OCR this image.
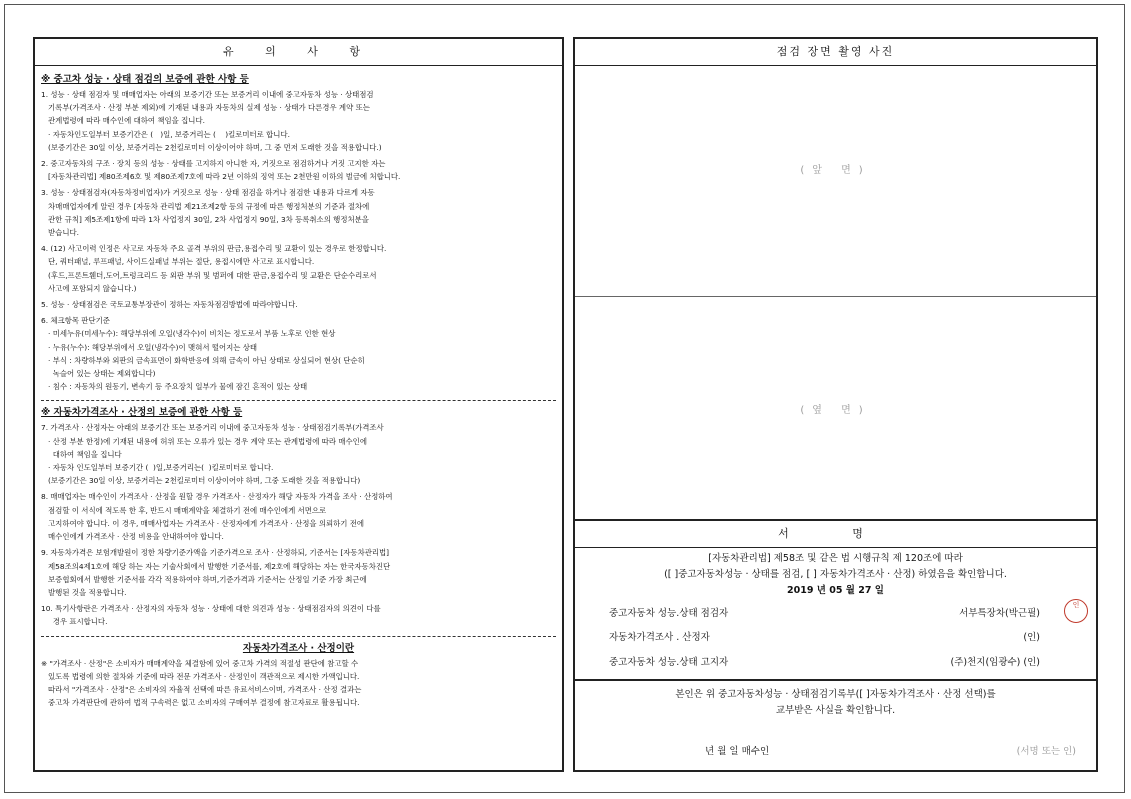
유 의 사 항
※ 중고차 성능 · 상태 점검의 보증에 관한 사항 등

1. 성능 · 상태 점검자 및 매매업자는 아래의 보증기간 또는 보증거리 이내에 중고자동차 성능 · 상태점검

기록부(가격조사 · 산정 부분 제외)에 기재된 내용과 자동차의 실제 성능 · 상태가 다른경우 계약 또는

관계법령에 따라 매수인에 대하여 책임을 집니다.

· 자동차인도일부터 보증기간은 (   )일, 보증거리는 (    )킬로미터로 합니다.

(보증기간은 30일 이상, 보증거리는 2천킬로미터 이상이어야 하며, 그 중 먼저 도래한 것을 적용합니다.)

2. 중고자동차의 구조 · 장치 등의 성능 · 상태를 고지하지 아니한 자, 거짓으로 점검하거나 거짓 고지한 자는

[자동차관리법] 제80조제6호 및 제80조제7호에 따라 2년 이하의 징역 또는 2천만원 이하의 벌금에 처합니다.

3. 성능 · 상태점검자(자동차정비업자)가 거짓으로 성능 · 상태 점검을 하거나 점검한 내용과 다르게 자동

차매매업자에게 알린 경우 [자동차 관리법 제21조제2항 등의 규정에 따른 행정처분의 기준과 절차에

관한 규칙] 제5조제1항에 따라 1차 사업정지 30일, 2차 사업정지 90일, 3차 등록취소의 행정처분을

받습니다.

4. (12) 사고이력 인정은 사고로 자동차 주요 골격 부위의 판금,용접수리 및 교환이 있는 경우로 한정합니다.

단, 쿼터패널, 루프패널, 사이드실패널 부위는 절단, 용접시에만 사고로 표시합니다.

(후드,프론트휀더,도어,트렁크리드 등 외판 부위 및 범퍼에 대한 판금,용접수리 및 교환은 단순수리로서

사고에 포함되지 않습니다.)

5. 성능 · 상태점검은 국토교통부장관이 정하는 자동차점검방법에 따라야합니다.

6. 체크항목 판단기준

· 미세누유(미세누수): 해당부위에 오일(냉각수)이 비치는 정도로서 부품 노후로 인한 현상

· 누유(누수): 해당부위에서 오일(냉각수)이 맺혀서 떨어지는 상태

· 부식 : 차량하부와 외판의 금속표면이 화학반응에 의해 금속이 아닌 상태로 상실되어 현상( 단순히

녹슬어 있는 상태는 제외합니다)

· 침수 : 자동차의 원동기, 변속기 등 주요장치 일부가 물에 잠긴 흔적이 있는 상태

※ 자동차가격조사 · 산정의 보증에 관한 사항 등

7. 가격조사 · 산정자는 아래의 보증기간 또는 보증거리 이내에 중고자동차 성능 · 상태점검기록부(가격조사

· 산정 부분 한정)에 기재된 내용에 허위 또는 오류가 있는 경우 계약 또는 관계법령에 따라 매수인에

대하여 책임을 집니다

· 자동차 인도일부터 보증기간 (  )일,보증거리는(  )킬로미터로 합니다.

(보증기간은 30일 이상, 보증거리는 2천킬로미터 이상이어야 하며, 그중 도래한 것을 적용합니다)

8. 매매업자는 매수인이 가격조사 · 산정을 원할 경우 가격조사 · 산정자가 해당 자동차 가격을 조사 · 산정하여

점검할 이 서식에 적도록 한 후, 반드시 매매계약을 체결하기 전에 매수인에게 서면으로

고지하여야 합니다. 이 경우, 매매사업자는 가격조사 · 산정자에게 가격조사 · 산정을 의뢰하기 전에

매수인에게 가격조사 · 산정 비용을 안내하여야 합니다.

9. 자동차가격은 보험개발원이 정한 차량기준가액을 기준가격으로 조사 · 산정하되, 기준서는 [자동차관리법]

제58조의4제1호에 해당 하는 자는 기술사회에서 발행한 기준서를, 제2호에 해당하는 자는 한국자동차진단

보증협회에서 발행한 기준서를 각각 적용하여야 하며,기준가격과 기준서는 산정일 기준 가장 최근에

발행된 것을 적용합니다.

10. 특기사항란은 가격조사 · 산정자의 자동차 성능 · 상태에 대한 의견과 성능 · 상태점검자의 의견이 다를

경우 표시합니다.

자동차가격조사 · 산정이란

※ "가격조사 · 산정"은 소비자가 매매계약을 체결함에 있어 중고차 가격의 적절성 판단에 참고할 수

있도록 법령에 의한 절차와 기준에 따라 전문 가격조사 · 산정인이 객관적으로 제시한 가액입니다.

따라서 "가격조사 · 산정"은 소비자의 자율적 선택에 따른 유료서비스이며, 가격조사 · 산정 결과는

중고차 가격판단에 관하여 법적 구속력은 없고 소비자의 구매여부 결정에 참고자료로 활용됩니다.

점검 장면 촬영 사진
(앞 면)
(옆 면)
서 명
[자동차관리법] 제58조 및 같은 법 시행규칙 제 120조에 따라
([ ]중고자동차성능 · 상태를 점검, [ ] 자동차가격조사 · 산정) 하였음을 확인합니다.
2019 년 05 월 27 일
중고자동차 성능.상태 점검자	서부특장차(박근필)
인
자동차가격조사 . 산정자	(인)
중고자동차 성능.상태 고지자	(주)천지(임광수) (인)
본인은 위 중고자동차성능 · 상태점검기록부([ ]자동차가격조사 · 산정 선택)를
교부받은 사실을 확인합니다.
년 월 일 매수인	(서명 또는 인)
